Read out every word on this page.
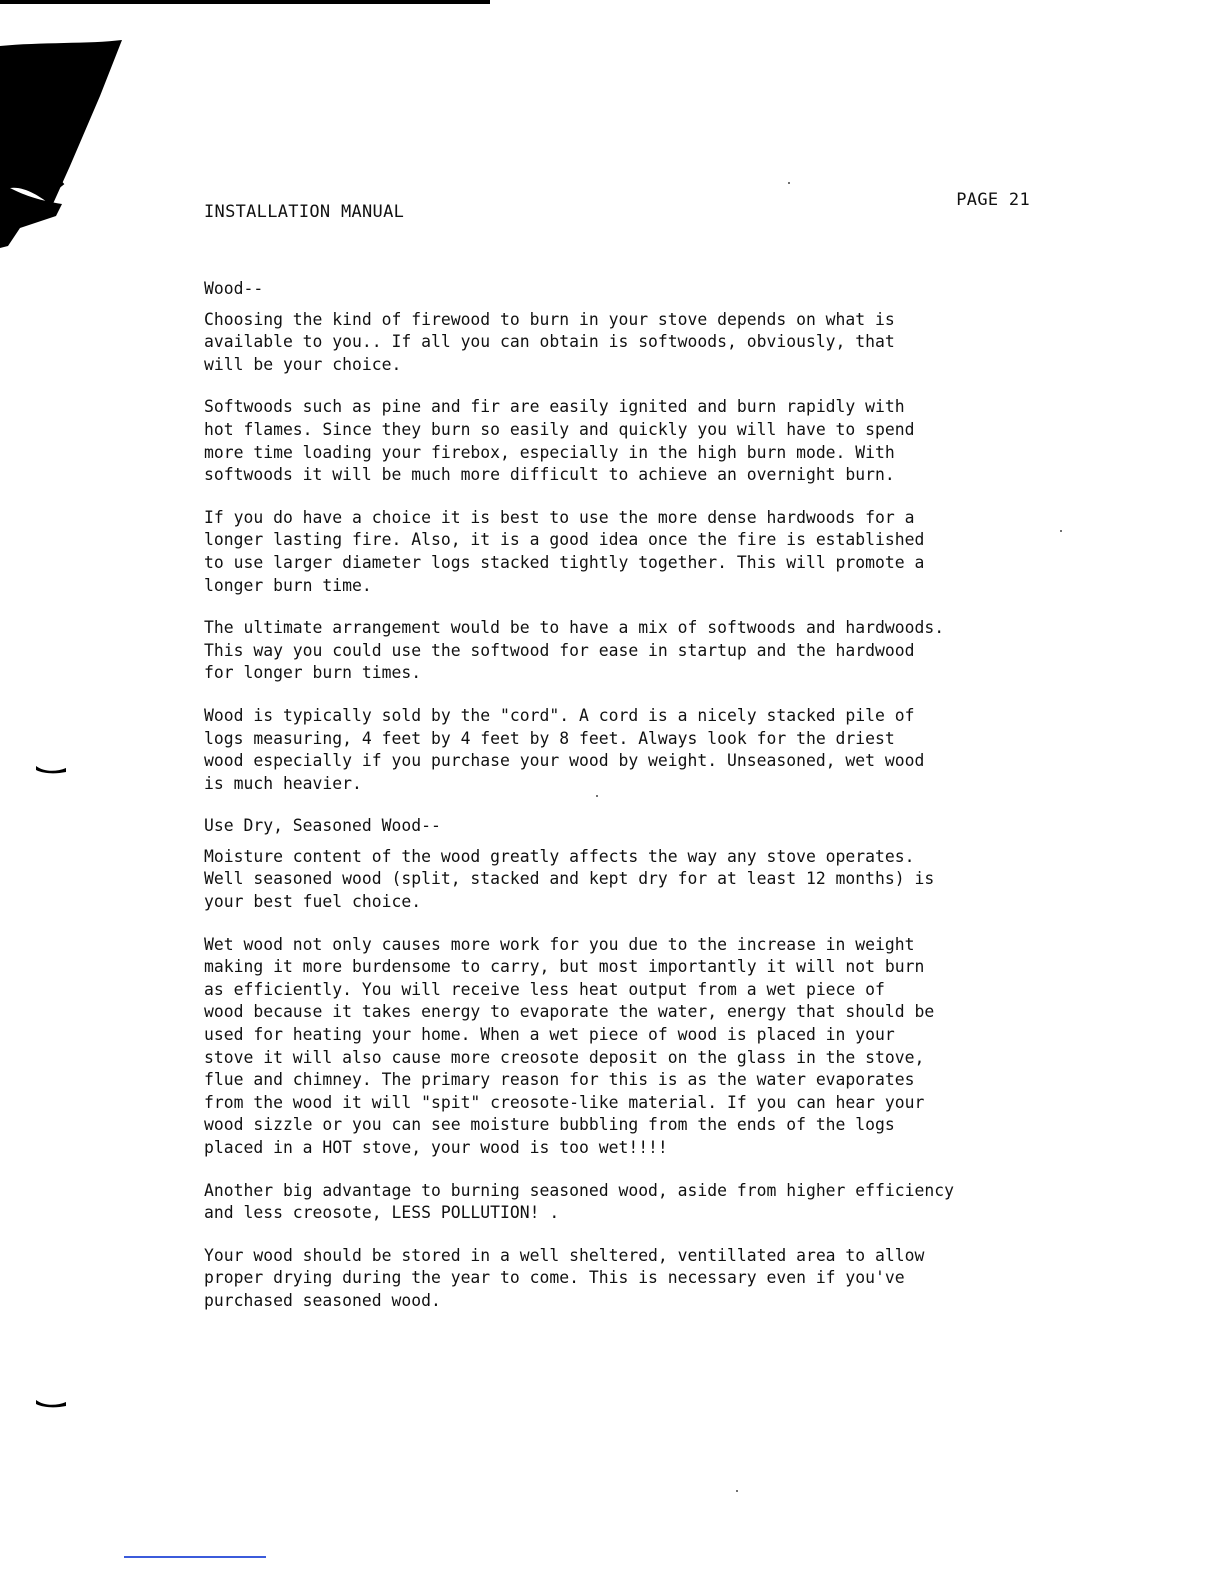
INSTALLATION MANUAL
PAGE 21
Wood--

Choosing the kind of firewood to burn in your stove depends on what is
available to you.. If all you can obtain is softwoods, obviously, that
will be your choice.

Softwoods such as pine and fir are easily ignited and burn rapidly with
hot flames. Since they burn so easily and quickly you will have to spend
more time loading your firebox, especially in the high burn mode. With
softwoods it will be much more difficult to achieve an overnight burn.

If you do have a choice it is best to use the more dense hardwoods for a
longer lasting fire. Also, it is a good idea once the fire is established
to use larger diameter logs stacked tightly together. This will promote a
longer burn time.

The ultimate arrangement would be to have a mix of softwoods and hardwoods.
This way you could use the softwood for ease in startup and the hardwood
for longer burn times.

Wood is typically sold by the "cord". A cord is a nicely stacked pile of
logs measuring, 4 feet by 4 feet by 8 feet. Always look for the driest
wood especially if you purchase your wood by weight. Unseasoned, wet wood
is much heavier.

Use Dry, Seasoned Wood--

Moisture content of the wood greatly affects the way any stove operates.
Well seasoned wood (split, stacked and kept dry for at least 12 months) is
your best fuel choice.

Wet wood not only causes more work for you due to the increase in weight
making it more burdensome to carry, but most importantly it will not burn
as efficiently. You will receive less heat output from a wet piece of
wood because it takes energy to evaporate the water, energy that should be
used for heating your home. When a wet piece of wood is placed in your
stove it will also cause more creosote deposit on the glass in the stove,
flue and chimney. The primary reason for this is as the water evaporates
from the wood it will "spit" creosote-like material. If you can hear your
wood sizzle or you can see moisture bubbling from the ends of the logs
placed in a HOT stove, your wood is too wet!!!!

Another big advantage to burning seasoned wood, aside from higher efficiency
and less creosote, LESS POLLUTION! .

Your wood should be stored in a well sheltered, ventillated area to allow
proper drying during the year to come. This is necessary even if you've
purchased seasoned wood.
